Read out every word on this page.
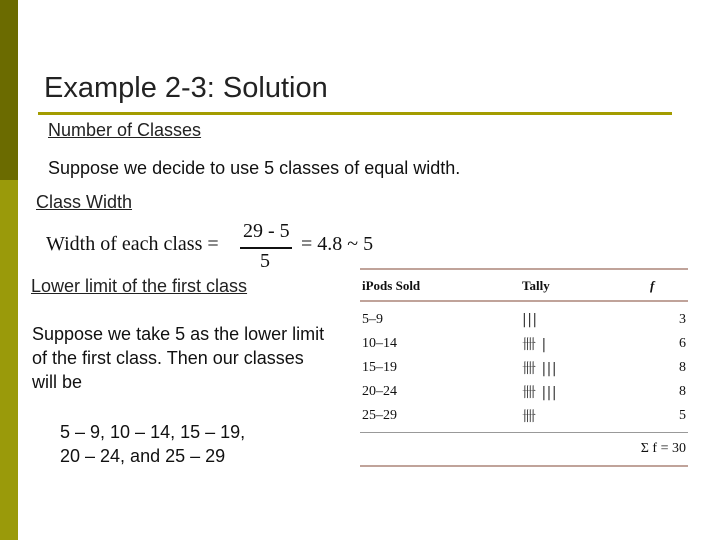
Example 2-3: Solution
Number of Classes
Suppose we decide to use 5 classes of equal width.
Class Width
Width of each class =
29 - 5
5
= 4.8 ~ 5
Lower limit of the first class
Suppose we take 5 as the lower limit of the first class. Then our classes will be
5 – 9, 10 – 14, 15 – 19,
20 – 24, and 25 – 29
iPods Sold	Tally	f
5–9	|||	3
10–14	卌 |	6
15–19	卌 |||	8
20–24	卌 |||	8
25–29	卌	5
Σ f = 30		
